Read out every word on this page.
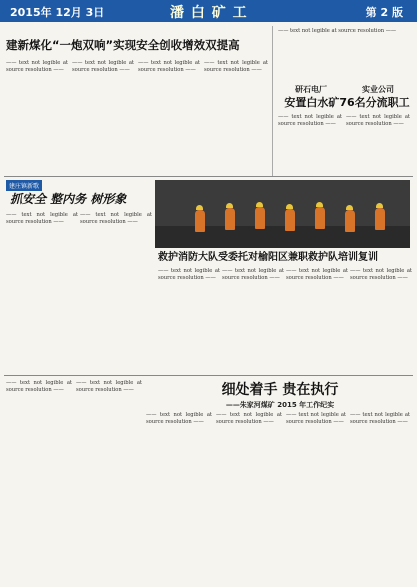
2015年 12月 3日	潘 白 矿 工	第 2 版
建新煤化“一炮双响”实现安全创收增效双提高
—— text not legible at source resolution ——
—— text not legible at source resolution ——
—— text not legible at source resolution ——
—— text not legible at source resolution ——
—— text not legible at source resolution ——
研石电厂	实业公司
安置白水矿76名分流职工
—— text not legible at source resolution ——
—— text not legible at source resolution ——
建庄镇新歌
抓安全 整内务 树形象
—— text not legible at source resolution ——
—— text not legible at source resolution ——
救护消防大队受委托对榆阳区兼职救护队培训复训
—— text not legible at source resolution ——
—— text not legible at source resolution ——
—— text not legible at source resolution ——
—— text not legible at source resolution ——
—— text not legible at source resolution ——
—— text not legible at source resolution ——	细处着手 贵在执行
——朱家河煤矿 2015 年工作纪实
—— text not legible at source resolution ——
—— text not legible at source resolution ——
—— text not legible at source resolution ——
—— text not legible at source resolution ——
